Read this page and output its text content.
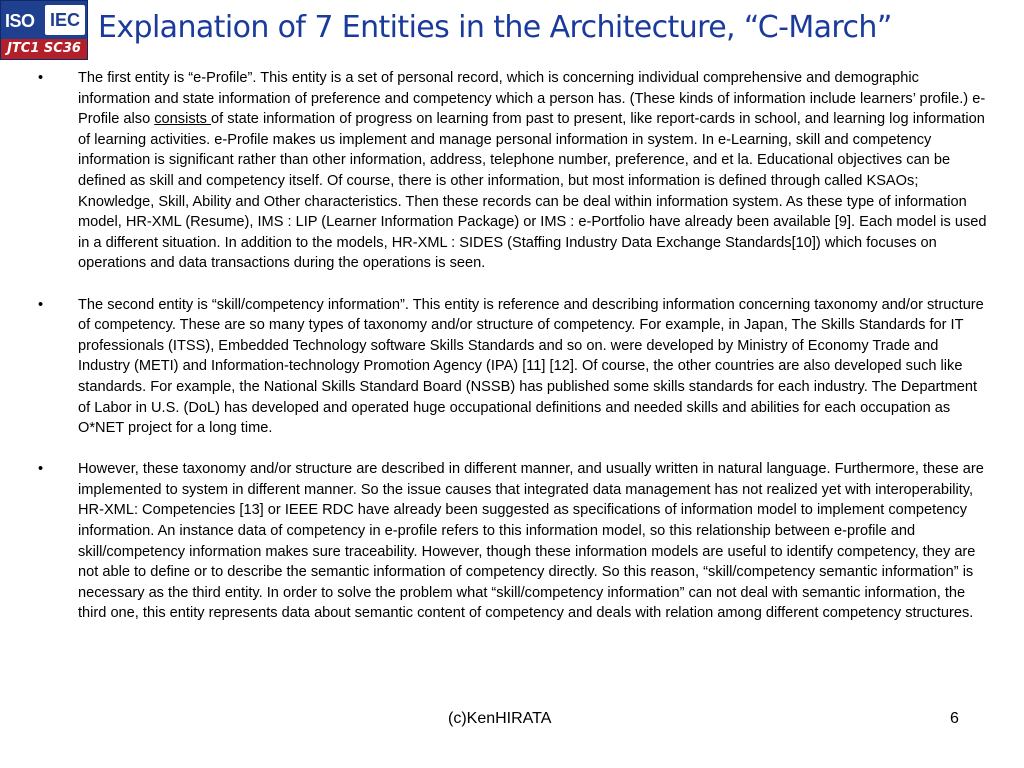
ISO IEC
JTC1 SC36
Explanation of 7 Entities in the Architecture, “C-March”
• The first entity is “e-Profile”. This entity is a set of personal record, which is concerning individual comprehensive and demographic information and state information of preference and competency which a person has. (These kinds of information include learners’ profile.) e-Profile also consists of state information of progress on learning from past to present, like report-cards in school, and learning log information of learning activities. e-Profile makes us implement and manage personal information in system. In e-Learning, skill and competency information is significant rather than other information, address, telephone number, preference, and et la. Educational objectives can be defined as skill and competency itself. Of course, there is other information, but most information is defined through called KSAOs; Knowledge, Skill, Ability and Other characteristics. Then these records can be deal within information system. As these type of information model, HR-XML (Resume), IMS : LIP (Learner Information Package) or IMS : e-Portfolio have already been available [9]. Each model is used in a different situation. In addition to the models, HR-XML : SIDES (Staffing Industry Data Exchange Standards[10]) which focuses on operations and data transactions during the operations is seen.

• The second entity is “skill/competency information”. This entity is reference and describing information concerning taxonomy and/or structure of competency. These are so many types of taxonomy and/or structure of competency. For example, in Japan, The Skills Standards for IT professionals (ITSS), Embedded Technology software Skills Standards and so on. were developed by Ministry of Economy Trade and Industry (METI) and Information-technology Promotion Agency (IPA) [11] [12]. Of course, the other countries are also developed such like standards. For example, the National Skills Standard Board (NSSB) has published some skills standards for each industry. The Department of Labor in U.S. (DoL) has developed and operated huge occupational definitions and needed skills and abilities for each occupation as O*NET project for a long time.

• However, these taxonomy and/or structure are described in different manner, and usually written in natural language. Furthermore, these are implemented to system in different manner. So the issue causes that integrated data management has not realized yet with interoperability, HR-XML: Competencies [13] or IEEE RDC have already been suggested as specifications of information model to implement competency information. An instance data of competency in e-profile refers to this information model, so this relationship between e-profile and skill/competency information makes sure traceability. However, though these information models are useful to identify competency, they are not able to define or to describe the semantic information of competency directly. So this reason, “skill/competency semantic information” is necessary as the third entity. In order to solve the problem what “skill/competency information” can not deal with semantic information, the third one, this entity represents data about semantic content of competency and deals with relation among different competency structures.

(c)KenHIRATA	6
